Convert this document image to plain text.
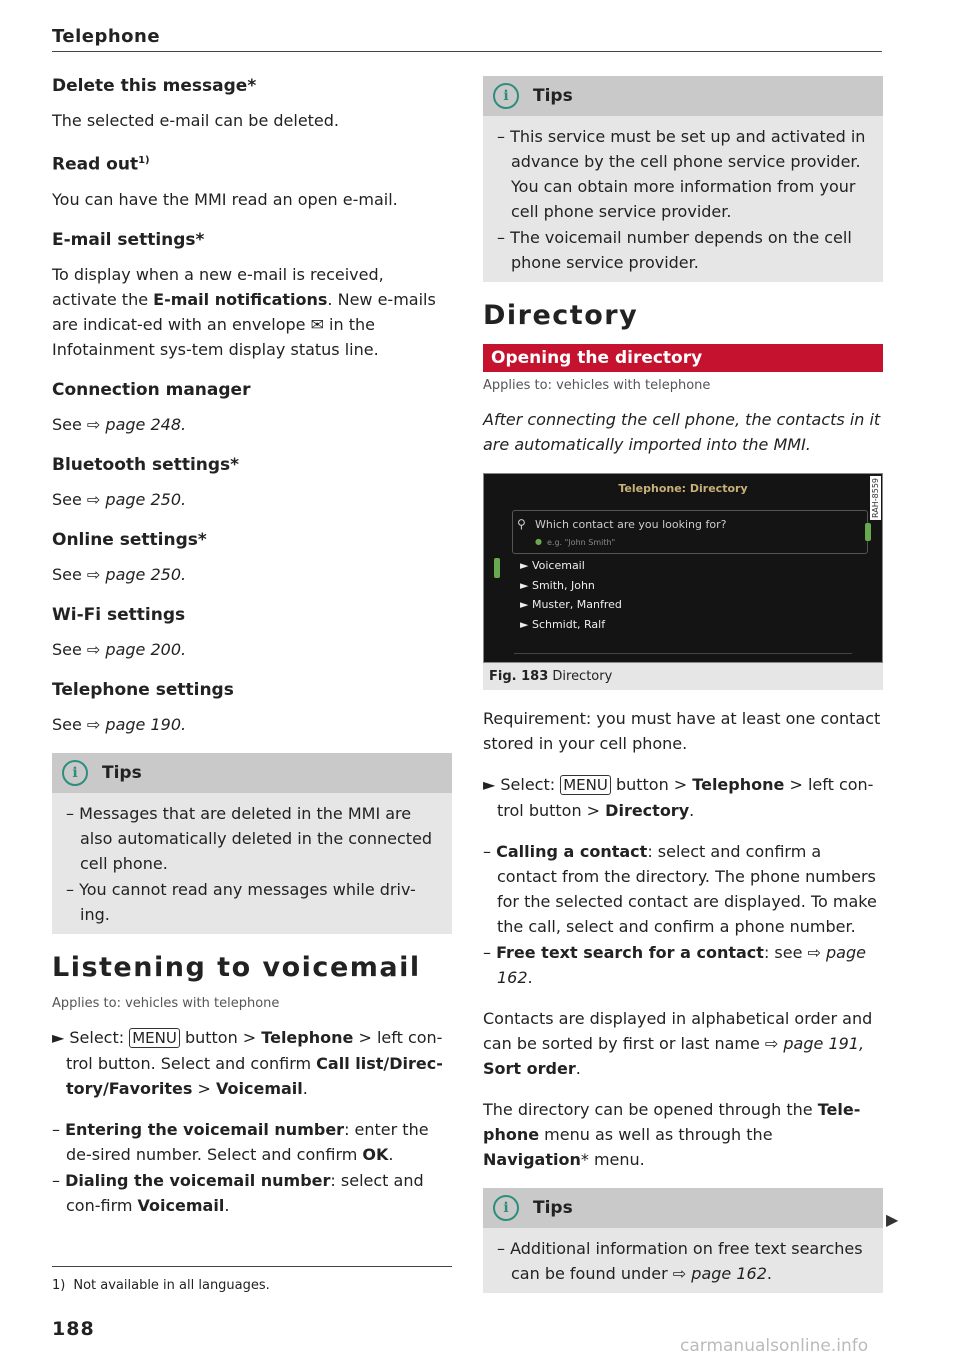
Telephone
Delete this message*

The selected e-mail can be deleted.

Read out$^{1)}$

You can have the MMI read an open e-mail.

E-mail settings*

To display when a new e-mail is received, activate the E-mail notifications. New e-mails are indicat-ed with an envelope ✉ in the Infotainment sys-tem display status line.

Connection manager

See ⇨ page 248.

Bluetooth settings*

See ⇨ page 250.

Online settings*

See ⇨ page 250.

Wi-Fi settings

See ⇨ page 200.

Telephone settings

See ⇨ page 190.

i	Tips
– Messages that are deleted in the MMI are also automatically deleted in the connected cell phone.
– You cannot read any messages while driv-ing.
Listening to voicemail
Applies to: vehicles with telephone
► Select: MENU button > Telephone > left con-trol button. Select and confirm Call list/Direc-tory/Favorites > Voicemail.
– Entering the voicemail number: enter the de-sired number. Select and confirm OK.
– Dialing the voicemail number: select and con-firm Voicemail.
i	Tips
– This service must be set up and activated in advance by the cell phone service provider. You can obtain more information from your cell phone service provider.
– The voicemail number depends on the cell phone service provider.
Directory
Opening the directory
Applies to: vehicles with telephone
After connecting the cell phone, the contacts in it are automatically imported into the MMI.
Telephone: Directory	RAH-8559
⚲ Which contact are you looking for?
● e.g. "John Smith"
► Voicemail
► Smith, John
► Muster, Manfred
► Schmidt, Ralf
Fig. 183 Directory

Requirement: you must have at least one contact stored in your cell phone.

► Select: MENU button > Telephone > left con-trol button > Directory.
– Calling a contact: select and confirm a contact from the directory. The phone numbers for the selected contact are displayed. To make the call, select and confirm a phone number.
– Free text search for a contact: see ⇨ page 162.

Contacts are displayed in alphabetical order and can be sorted by first or last name ⇨ page 191, Sort order.

The directory can be opened through the Tele-phone menu as well as through the Navigation* menu.

i	Tips
– Additional information on free text searches can be found under ⇨ page 162.
▶
1) Not available in all languages.
188
carmanualsonline.info
